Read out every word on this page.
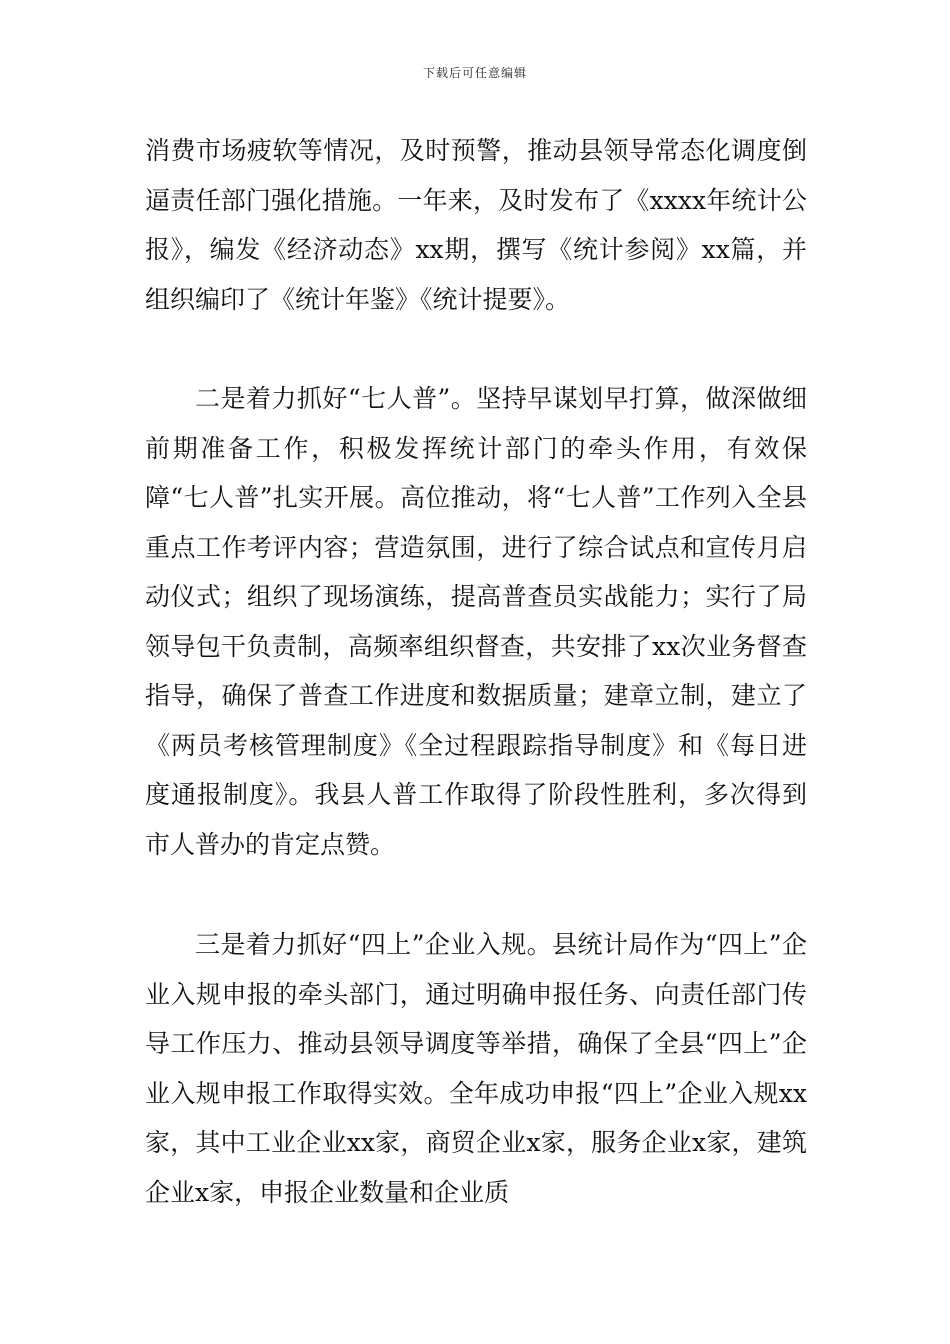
下载后可任意编辑

消费市场疲软等情况，及时预警，推动县领导常态化调度倒逼责任部门强化措施。一年来，及时发布了《xxxx年统计公报》，编发《经济动态》xx期，撰写《统计参阅》xx篇，并组织编印了《统计年鉴》《统计提要》。

二是着力抓好“七人普”。坚持早谋划早打算，做深做细前期准备工作，积极发挥统计部门的牵头作用，有效保障“七人普”扎实开展。高位推动，将“七人普”工作列入全县重点工作考评内容；营造氛围，进行了综合试点和宣传月启动仪式；组织了现场演练，提高普查员实战能力；实行了局领导包干负责制，高频率组织督查，共安排了xx次业务督查指导，确保了普查工作进度和数据质量；建章立制，建立了《两员考核管理制度》《全过程跟踪指导制度》和《每日进度通报制度》。我县人普工作取得了阶段性胜利，多次得到市人普办的肯定点赞。

三是着力抓好“四上”企业入规。县统计局作为“四上”企业入规申报的牵头部门，通过明确申报任务、向责任部门传导工作压力、推动县领导调度等举措，确保了全县“四上”企业入规申报工作取得实效。全年成功申报“四上”企业入规xx家，其中工业企业xx家，商贸企业x家，服务企业x家，建筑企业x家，申报企业数量和企业质
